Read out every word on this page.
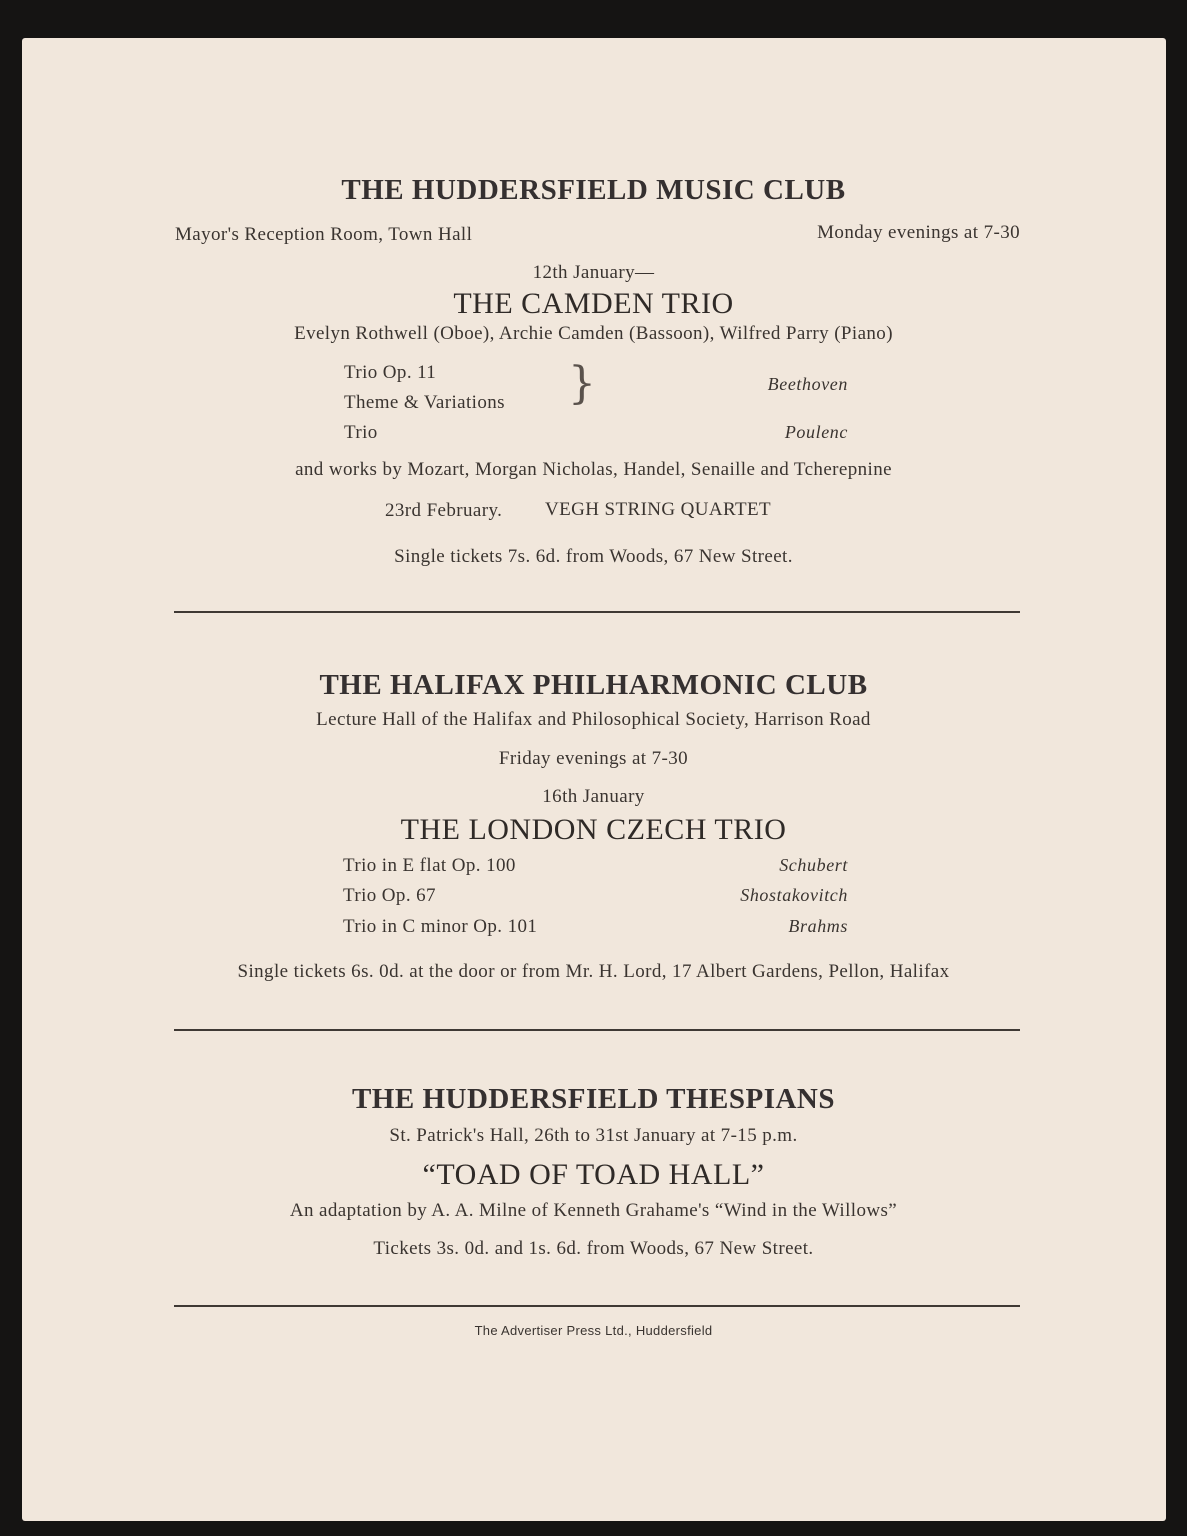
THE HUDDERSFIELD MUSIC CLUB
Mayor's Reception Room, Town Hall	Monday evenings at 7-30
12th January—
THE CAMDEN TRIO
Evelyn Rothwell (Oboe), Archie Camden (Bassoon), Wilfred Parry (Piano)
Trio Op. 11
Theme & Variations }	Beethoven
Trio	Poulenc
and works by Mozart, Morgan Nicholas, Handel, Senaille and Tcherepnine
23rd February. VEGH STRING QUARTET
Single tickets 7s. 6d. from Woods, 67 New Street.
THE HALIFAX PHILHARMONIC CLUB
Lecture Hall of the Halifax and Philosophical Society, Harrison Road
Friday evenings at 7-30
16th January
THE LONDON CZECH TRIO
Trio in E flat Op. 100	Schubert
Trio Op. 67	Shostakovitch
Trio in C minor Op. 101	Brahms
Single tickets 6s. 0d. at the door or from Mr. H. Lord, 17 Albert Gardens, Pellon, Halifax
THE HUDDERSFIELD THESPIANS
St. Patrick's Hall, 26th to 31st January at 7-15 p.m.
“TOAD OF TOAD HALL”
An adaptation by A. A. Milne of Kenneth Grahame's “Wind in the Willows”
Tickets 3s. 0d. and 1s. 6d. from Woods, 67 New Street.
The Advertiser Press Ltd., Huddersfield
